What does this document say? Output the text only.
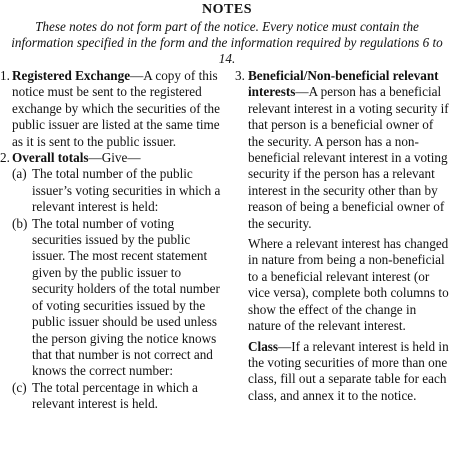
NOTES
These notes do not form part of the notice. Every notice must contain the information specified in the form and the information required by regulations 6 to 14.
1. Registered Exchange—A copy of this notice must be sent to the registered exchange by which the securities of the public issuer are listed at the same time as it is sent to the public issuer.
2. Overall totals—Give—
(a) The total number of the public issuer’s voting securities in which a relevant interest is held:
(b) The total number of voting securities issued by the public issuer. The most recent statement given by the public issuer to security holders of the total number of voting securities issued by the public issuer should be used unless the person giving the notice knows that that number is not correct and knows the correct number:
(c) The total percentage in which a relevant interest is held.
3. Beneficial/Non-beneficial relevant interests—A person has a beneficial relevant interest in a voting security if that person is a beneficial owner of the security. A person has a non-beneficial relevant interest in a voting security if the person has a relevant interest in the security other than by reason of being a beneficial owner of the security.
Where a relevant interest has changed in nature from being a non-beneficial to a beneficial relevant interest (or vice versa), complete both columns to show the effect of the change in nature of the relevant interest.
Class—If a relevant interest is held in the voting securities of more than one class, fill out a separate table for each class, and annex it to the notice.
